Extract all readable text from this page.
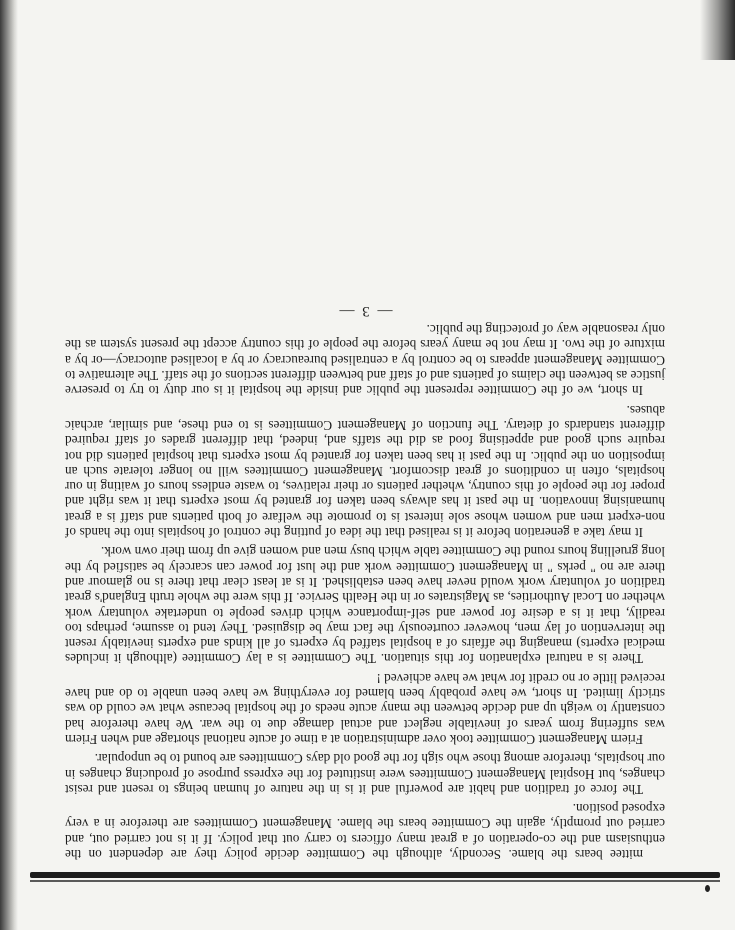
mittee bears the blame. Secondly, although the Committee decide policy they are dependent on the enthusiasm and the co-operation of a great many officers to carry out that policy. If it is not carried out, and carried out promptly, again the Committee bears the blame. Management Committees are therefore in a very exposed position.

The force of tradition and habit are powerful and it is in the nature of human beings to resent and resist changes, but Hospital Management Committees were instituted for the express purpose of producing changes in our hospitals, therefore among those who sigh for the good old days Committees are bound to be unpopular.

Friern Management Committee took over administration at a time of acute national shortage and when Friern was suffering from years of inevitable neglect and actual damage due to the war. We have therefore had constantly to weigh up and decide between the many acute needs of the hospital because what we could do was strictly limited. In short, we have probably been blamed for everything we have been unable to do and have received little or no credit for what we have achieved !

There is a natural explanation for this situation. The Committee is a lay Committee (although it includes medical experts) managing the affairs of a hospital staffed by experts of all kinds and experts inevitably resent the intervention of lay men, however courteously the fact may be disguised. They tend to assume, perhaps too readily, that it is a desire for power and self-importance which drives people to undertake voluntary work whether on Local Authorities, as Magistrates or in the Health Service. If this were the whole truth England's great tradition of voluntary work would never have been established. It is at least clear that there is no glamour and there are no " perks " in Management Committee work and the lust for power can scarcely be satisfied by the long gruelling hours round the Committee table which busy men and women give up from their own work.

It may take a generation before it is realised that the idea of putting the control of hospitals into the hands of non-expert men and women whose sole interest is to promote the welfare of both patients and staff is a great humanising innovation. In the past it has always been taken for granted by most experts that it was right and proper for the people of this country, whether patients or their relatives, to waste endless hours of waiting in our hospitals, often in conditions of great discomfort. Management Committees will no longer tolerate such an imposition on the public. In the past it has been taken for granted by most experts that hospital patients did not require such good and appetising food as did the staffs and, indeed, that different grades of staff required different standards of dietary. The function of Management Committees is to end these, and similar, archaic abuses.

In short, we of the Committee represent the public and inside the hospital it is our duty to try to preserve justice as between the claims of patients and of staff and between different sections of the staff. The alternative to Committee Management appears to be control by a centralised bureaucracy or by a localised autocracy—or by a mixture of the two. It may not be many years before the people of this country accept the present system as the only reasonable way of protecting the public.

— 3 —
